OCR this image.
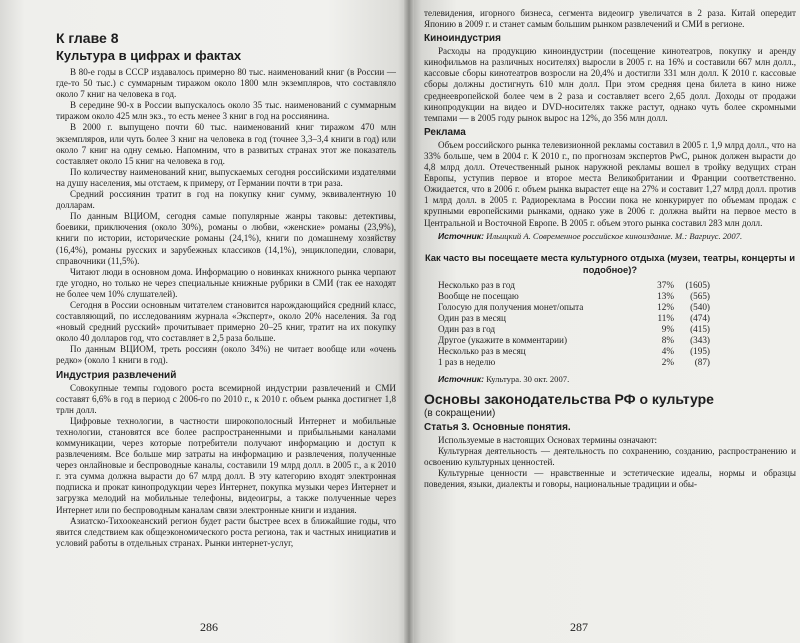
К главе 8
Культура в цифрах и фактах

В 80-е годы в СССР издавалось примерно 80 тыс. наименований книг (в России — где-то 50 тыс.) с суммарным тиражом около 1800 млн экземпляров, что составляло около 7 книг на человека в год.

В середине 90-х в России выпускалось около 35 тыс. наименований с суммарным тиражом около 425 млн экз., то есть менее 3 книг в год на россиянина.

В 2000 г. выпущено почти 60 тыс. наименований книг тиражом 470 млн экземпляров, или чуть более 3 книг на человека в год (точнее 3,3–3,4 книги в год) или около 7 книг на одну семью. Напомним, что в развитых странах этот же показатель составляет около 15 книг на человека в год.

По количеству наименований книг, выпускаемых сегодня российскими издателями на душу населения, мы отстаем, к примеру, от Германии почти в три раза.

Средний россиянин тратит в год на покупку книг сумму, эквивалентную 10 долларам.

По данным ВЦИОМ, сегодня самые популярные жанры таковы: детективы, боевики, приключения (около 30%), романы о любви, «женские» романы (23,9%), книги по истории, исторические романы (24,1%), книги по домашнему хозяйству (16,4%), романы русских и зарубежных классиков (14,1%), энциклопедии, словари, справочники (11,5%).

Читают люди в основном дома. Информацию о новинках книжного рынка черпают где угодно, но только не через специальные книжные рубрики в СМИ (так ее находят не более чем 10% слушателей).

Сегодня в России основным читателем становится нарождающийся средний класс, составляющий, по исследованиям журнала «Эксперт», около 20% населения. За год «новый средний русский» прочитывает примерно 20–25 книг, тратит на их покупку около 40 долларов год, что составляет в 2,5 раза больше.

По данным ВЦИОМ, треть россиян (около 34%) не читает вообще или «очень редко» (около 1 книги в год).

Индустрия развлечений

Совокупные темпы годового роста всемирной индустрии развлечений и СМИ составят 6,6% в год в период с 2006-го по 2010 г., к 2010 г. объем рынка достигнет 1,8 трлн долл.

Цифровые технологии, в частности широкополосный Интернет и мобильные технологии, становятся все более распространенными и прибыльными каналами коммуникации, через которые потребители получают информацию и доступ к развлечениям. Все больше мир затраты на информацию и развлечения, полученные через онлайновые и беспроводные каналы, составили 19 млрд долл. в 2005 г., а к 2010 г. эта сумма должна вырасти до 67 млрд долл. В эту категорию входят электронная подписка и прокат кинопродукции через Интернет, покупка музыки через Интернет и загрузка мелодий на мобильные телефоны, видеоигры, а также полученные через Интернет или по беспроводным каналам связи электронные книги и издания.

Азиатско-Тихоокеанский регион будет расти быстрее всех в ближайшие годы, что явится следствием как общеэкономического роста региона, так и частных инициатив и условий работы в отдельных странах. Рынки интернет-услуг,

286

телевидения, игорного бизнеса, сегмента видеоигр увеличатся в 2 раза. Китай опередит Японию в 2009 г. и станет самым большим рынком развлечений и СМИ в регионе.

Киноиндустрия

Расходы на продукцию киноиндустрии (посещение кинотеатров, покупку и аренду кинофильмов на различных носителях) выросли в 2005 г. на 16% и составили 667 млн долл., кассовые сборы кинотеатров возросли на 20,4% и достигли 331 млн долл. К 2010 г. кассовые сборы должны достигнуть 610 млн долл. При этом средняя цена билета в кино ниже среднеевропейской более чем в 2 раза и составляет всего 2,65 долл. Доходы от продажи кинопродукции на видео и DVD-носителях также растут, однако чуть более скромными темпами — в 2005 году рынок вырос на 12%, до 356 млн долл.

Реклама

Объем российского рынка телевизионной рекламы составил в 2005 г. 1,9 млрд долл., что на 33% больше, чем в 2004 г. К 2010 г., по прогнозам экспертов PwC, рынок должен вырасти до 4,8 млрд долл. Отечественный рынок наружной рекламы вошел в тройку ведущих стран Европы, уступив первое и второе места Великобритании и Франции соответственно. Ожидается, что в 2006 г. объем рынка вырастет еще на 27% и составит 1,27 млрд долл. против 1 млрд долл. в 2005 г. Радиореклама в России пока не конкурирует по объемам продаж с крупными европейскими рынками, однако уже в 2006 г. должна выйти на первое место в Центральной и Восточной Европе. В 2005 г. объем этого рынка составил 283 млн долл.

Источник: Ильицкий А. Современное российское киноиздание. М.: Вагриус. 2007.
Как часто вы посещаете места культурного отдыха (музеи, театры, концерты и подобное)?
Несколько раз в год	37%	(1605)
Вообще не посещаю	13%	(565)
Голосую для получения монет/опыта	12%	(540)
Один раз в месяц	11%	(474)
Один раз в год	9%	(415)
Другое (укажите в комментарии)	8%	(343)
Несколько раз в месяц	4%	(195)
1 раз в неделю	2%	(87)
Источник: Культура. 30 окт. 2007.
Основы законодательства РФ о культуре
(в сокращении)
Статья 3. Основные понятия.

Используемые в настоящих Основах термины означают:

Культурная деятельность — деятельность по сохранению, созданию, распространению и освоению культурных ценностей.

Культурные ценности — нравственные и эстетические идеалы, нормы и образцы поведения, языки, диалекты и говоры, национальные традиции и обы-

287
